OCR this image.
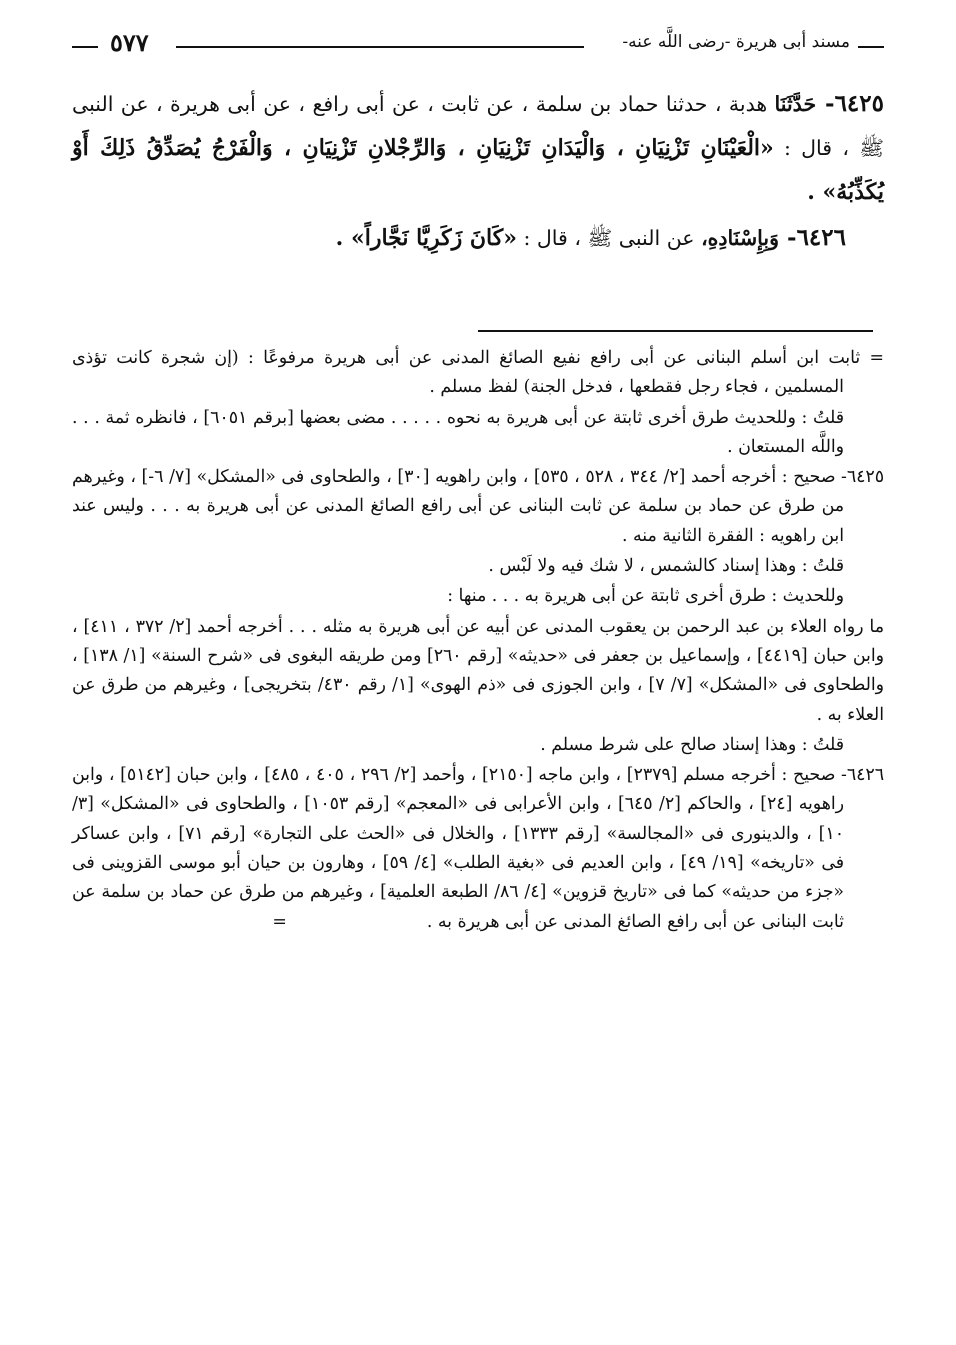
مسند أبى هريرة -رضى اللَّه عنه-
٥٧٧

٦٤٢٥- حَدَّثَنَا هدبة ، حدثنا حماد بن سلمة ، عن ثابت ، عن أبى رافع ، عن أبى هريرة ، عن النبى ﷺ ، قال : «الْعَيْنَانِ تَزْنِيَانِ ، وَالْيَدَانِ تَزْنِيَانِ ، وَالرِّجْلانِ تَزْنِيَانِ ، وَالْفَرْجُ يُصَدِّقُ ذَلِكَ أَوْ يُكَذِّبُهُ» .

٦٤٢٦- وَبِإِسْنَادِهِ، عن النبى ﷺ ، قال : «كَانَ زَكَرِيَّا نَجَّاراً» .

= ثابت ابن أسلم البنانى عن أبى رافع نفيع الصائغ المدنى عن أبى هريرة مرفوعًا : (إن شجرة كانت تؤذى المسلمين ، فجاء رجل فقطعها ، فدخل الجنة) لفظ مسلم .

قلتُ : وللحديث طرق أخرى ثابتة عن أبى هريرة به نحوه . . . . . مضى بعضها [برقم ٦٠٥١] ، فانظره ثمة . . . واللَّه المستعان .

٦٤٢٥- صحيح : أخرجه أحمد [٢/ ٣٤٤ ، ٥٢٨ ، ٥٣٥] ، وابن راهويه [٣٠] ، والطحاوى فى «المشكل» [٧/ ٦-] ، وغيرهم من طرق عن حماد بن سلمة عن ثابت البنانى عن أبى رافع الصائغ المدنى عن أبى هريرة به . . . وليس عند ابن راهويه : الفقرة الثانية منه .

قلتُ : وهذا إسناد كالشمس ، لا شك فيه ولا لَبْس .

وللحديث : طرق أخرى ثابتة عن أبى هريرة به . . . منها :

ما رواه العلاء بن عبد الرحمن بن يعقوب المدنى عن أبيه عن أبى هريرة به مثله . . . أخرجه أحمد [٢/ ٣٧٢ ، ٤١١] ، وابن حبان [٤٤١٩] ، وإسماعيل بن جعفر فى «حديثه» [رقم ٢٦٠] ومن طريقه البغوى فى «شرح السنة» [١/ ١٣٨] ، والطحاوى فى «المشكل» [٧/ ٧] ، وابن الجوزى فى «ذم الهوى» [١/ رقم ٤٣٠/ بتخريجى] ، وغيرهم من طرق عن العلاء به .

قلتُ : وهذا إسناد صالح على شرط مسلم .

٦٤٢٦- صحيح : أخرجه مسلم [٢٣٧٩] ، وابن ماجه [٢١٥٠] ، وأحمد [٢/ ٢٩٦ ، ٤٠٥ ، ٤٨٥] ، وابن حبان [٥١٤٢] ، وابن راهويه [٢٤] ، والحاكم [٢/ ٦٤٥] ، وابن الأعرابى فى «المعجم» [رقم ١٠٥٣] ، والطحاوى فى «المشكل» [٣/ ١٠] ، والدينورى فى «المجالسة» [رقم ١٣٣٣] ، والخلال فى «الحث على التجارة» [رقم ٧١] ، وابن عساكر فى «تاريخه» [١٩/ ٤٩] ، وابن العديم فى «بغية الطلب» [٤/ ٥٩] ، وهارون بن حيان أبو موسى القزوينى فى «جزء من حديثه» كما فى «تاريخ قزوين» [٤/ ٨٦/ الطبعة العلمية] ، وغيرهم من طرق عن حماد بن سلمة عن ثابت البنانى عن أبى رافع الصائغ المدنى عن أبى هريرة به .=
